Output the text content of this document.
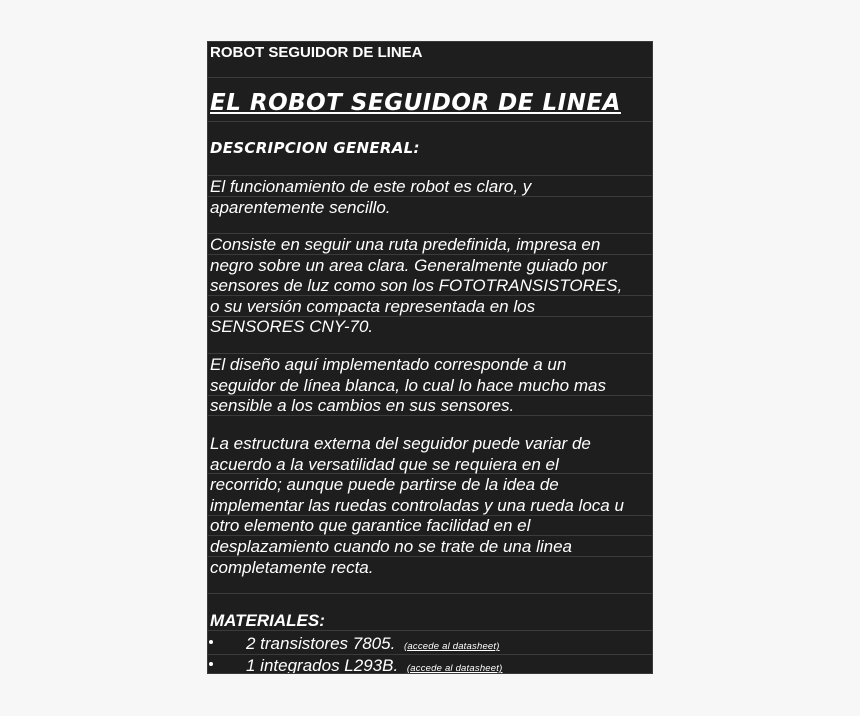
ROBOT SEGUIDOR DE LINEA
EL ROBOT SEGUIDOR DE LINEA
DESCRIPCION GENERAL:
El funcionamiento de este robot es claro, y
aparentemente sencillo.
Consiste en seguir una ruta predefinida, impresa en
negro sobre un area clara. Generalmente guiado por
sensores de luz como son los FOTOTRANSISTORES,
o su versión compacta representada en los
SENSORES CNY-70.
El diseño aquí implementado corresponde a un
seguidor de línea blanca, lo cual lo hace mucho mas
sensible a los cambios en sus sensores.
La estructura externa del seguidor puede variar de
acuerdo a la versatilidad que se requiera en el
recorrido; aunque puede partirse de la idea de
implementar las ruedas controladas y una rueda loca u
otro elemento que garantice facilidad en el
desplazamiento cuando no se trate de una linea
completamente recta.
MATERIALES:
2 transistores 7805. (accede al datasheet)
1 integrados L293B. (accede al datasheet)
